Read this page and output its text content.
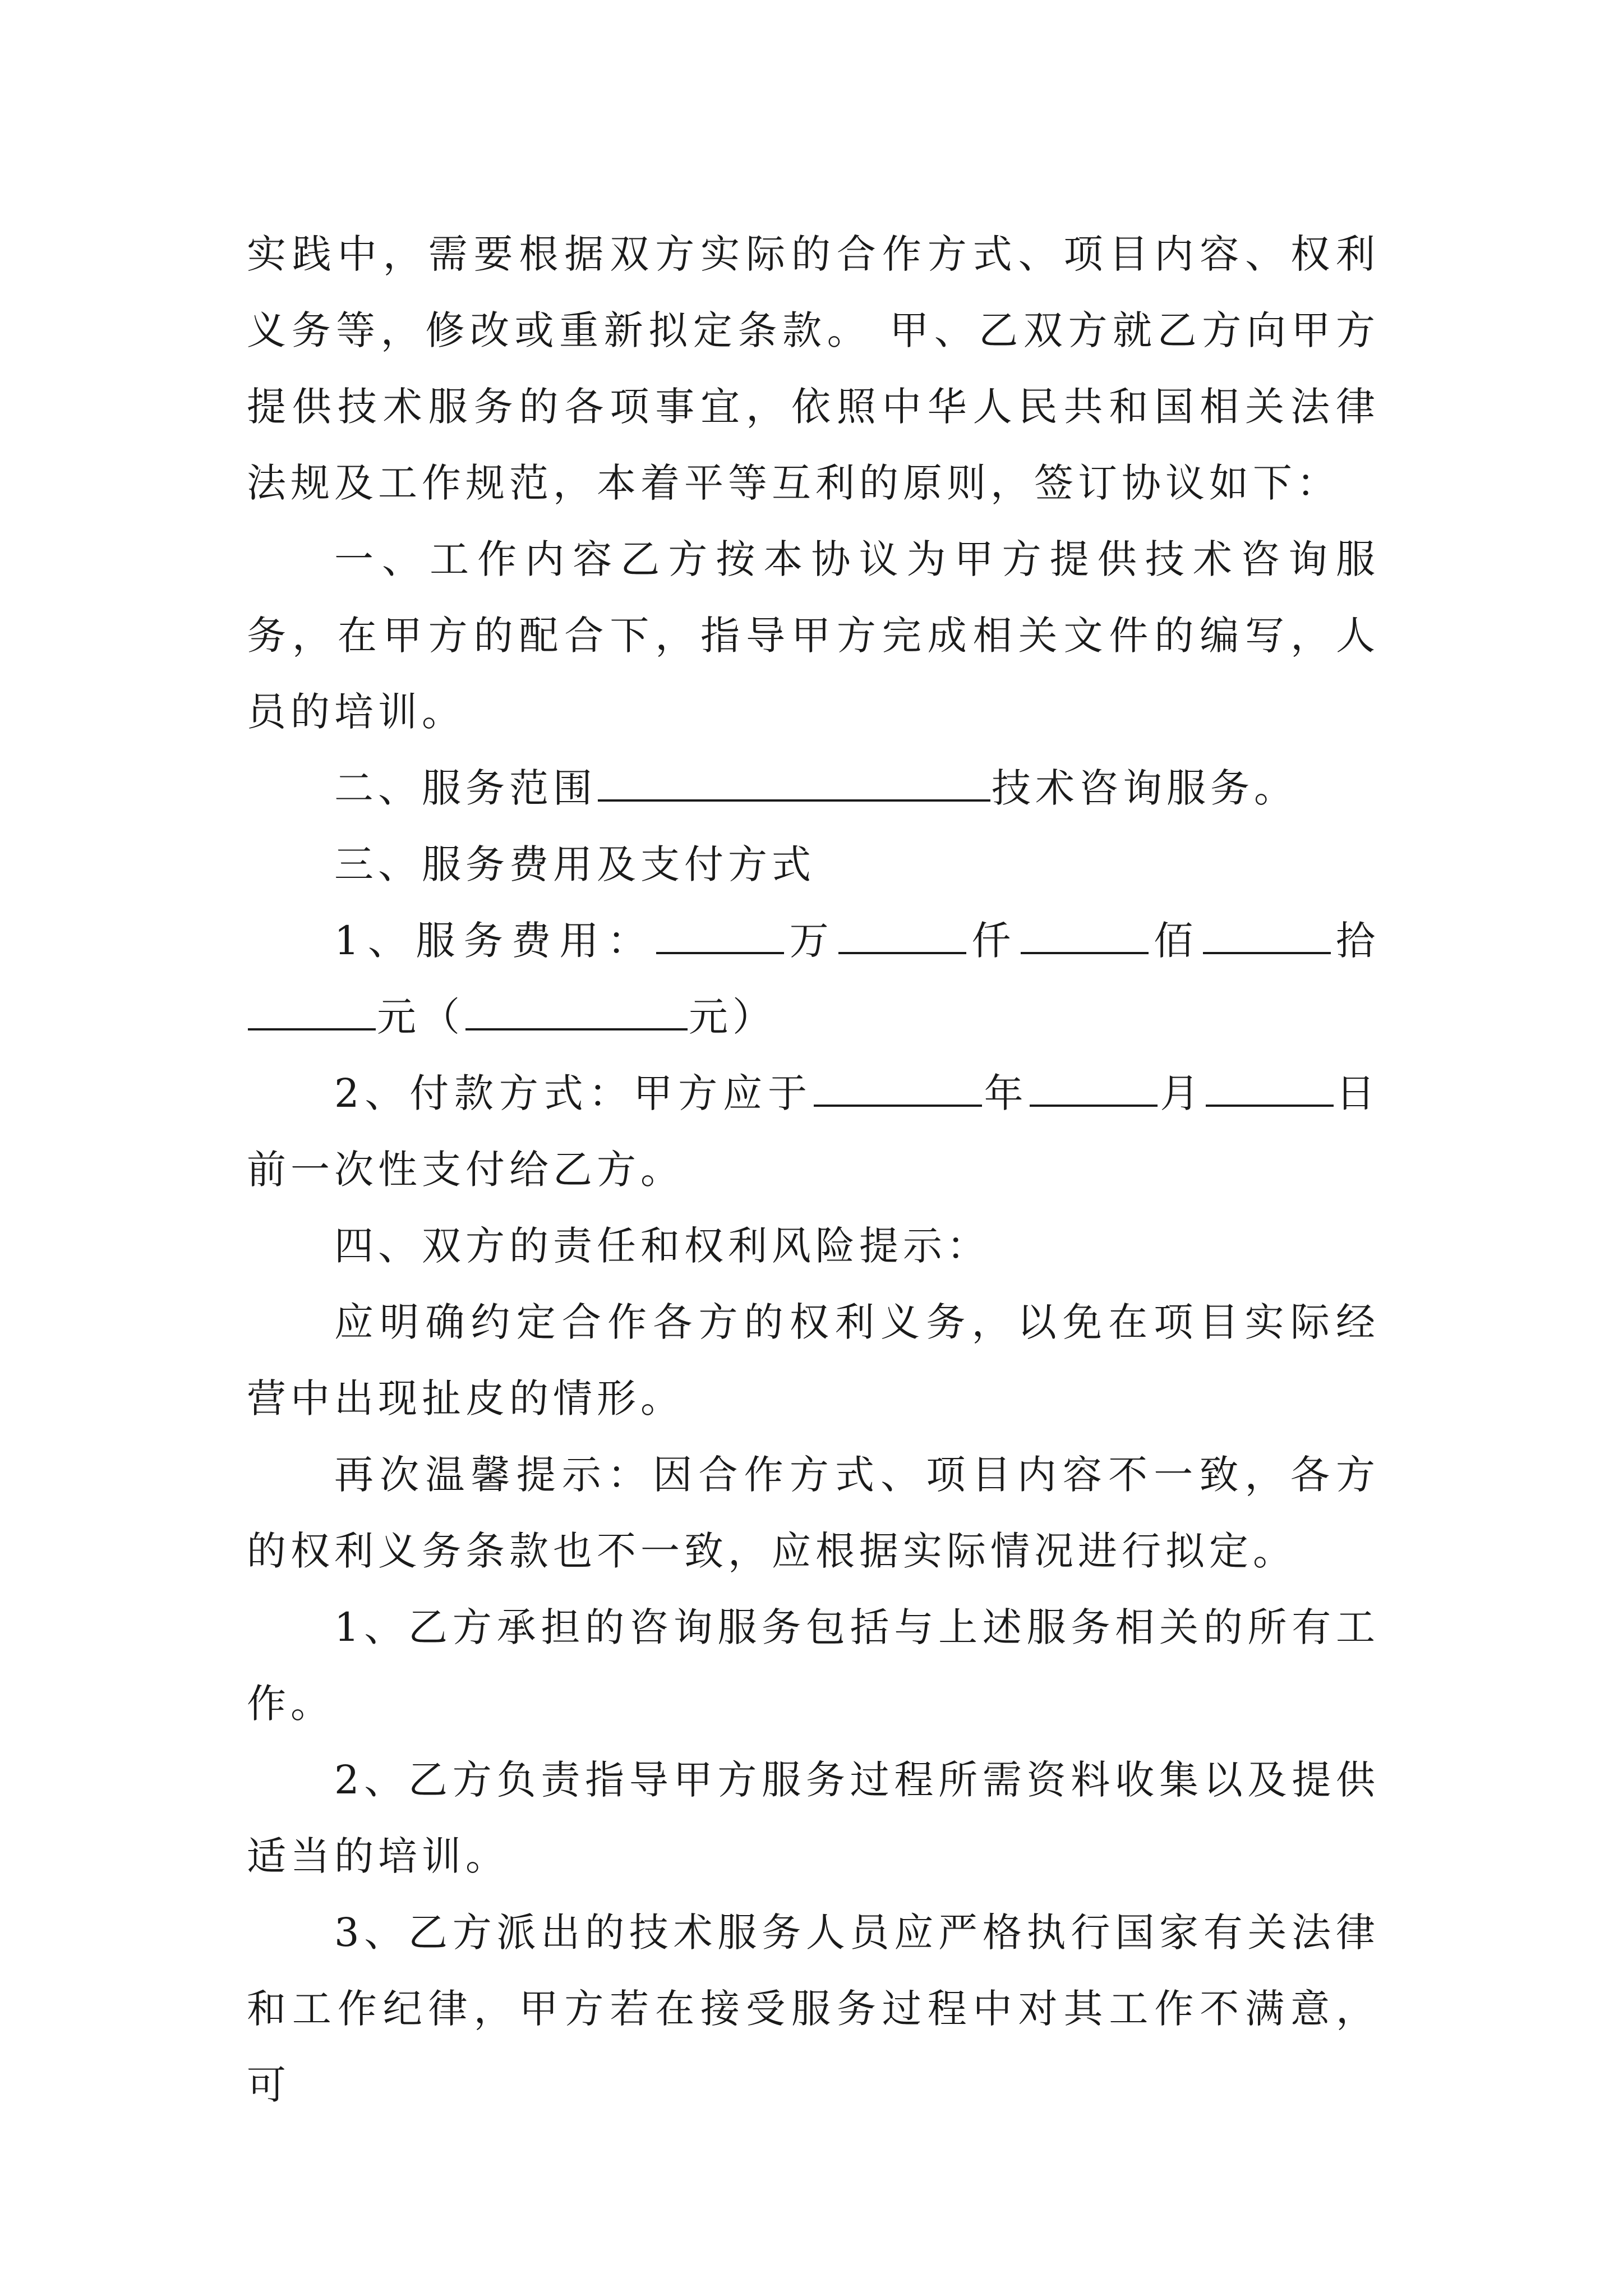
实践中，需要根据双方实际的合作方式、项目内容、权利义务等，修改或重新拟定条款。 甲、乙双方就乙方向甲方提供技术服务的各项事宜，依照中华人民共和国相关法律法规及工作规范，本着平等互利的原则，签订协议如下：

一、工作内容乙方按本协议为甲方提供技术咨询服务，在甲方的配合下，指导甲方完成相关文件的编写，人员的培训。

二、服务范围	技术咨询服务。

三、服务费用及支付方式

1、服务费用：	万	仟	佰	拾元（	元）

2、付款方式：甲方应于	年	月	日前一次性支付给乙方。

四、双方的责任和权利风险提示：

应明确约定合作各方的权利义务，以免在项目实际经营中出现扯皮的情形。

再次温馨提示：因合作方式、项目内容不一致，各方的权利义务条款也不一致，应根据实际情况进行拟定。

1、乙方承担的咨询服务包括与上述服务相关的所有工作。

2、乙方负责指导甲方服务过程所需资料收集以及提供适当的培训。

3、乙方派出的技术服务人员应严格执行国家有关法律和工作纪律，甲方若在接受服务过程中对其工作不满意，可
